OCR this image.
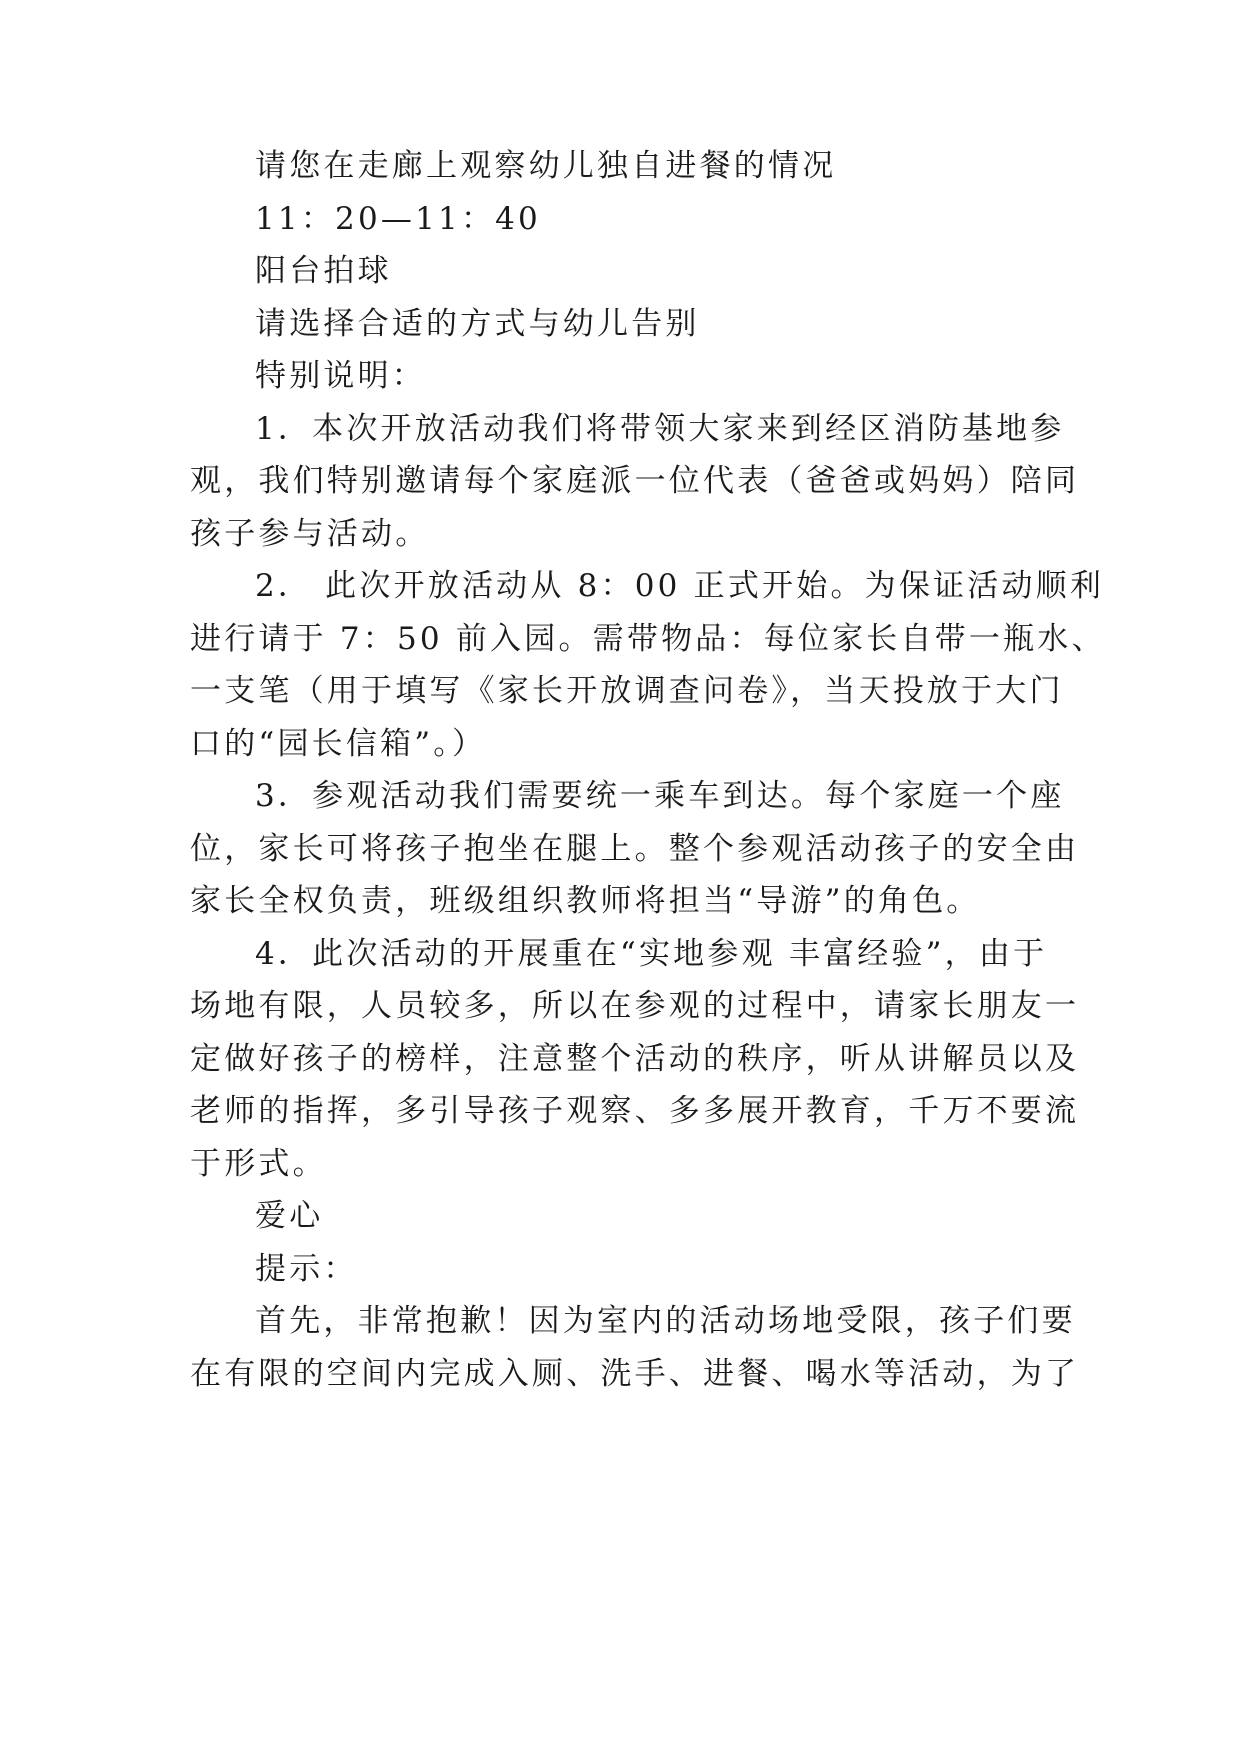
请您在走廊上观察幼儿独自进餐的情况
11：20—11：40
阳台拍球
请选择合适的方式与幼儿告别
特别说明：
1．本次开放活动我们将带领大家来到经区消防基地参
观，我们特别邀请每个家庭派一位代表（爸爸或妈妈）陪同
孩子参与活动。
2． 此次开放活动从 8：00 正式开始。为保证活动顺利
进行请于 7：50 前入园。需带物品：每位家长自带一瓶水、
一支笔（用于填写《家长开放调查问卷》，当天投放于大门
口的“园长信箱”。）
3．参观活动我们需要统一乘车到达。每个家庭一个座
位，家长可将孩子抱坐在腿上。整个参观活动孩子的安全由
家长全权负责，班级组织教师将担当“导游”的角色。
4．此次活动的开展重在“实地参观 丰富经验”，由于
场地有限，人员较多，所以在参观的过程中，请家长朋友一
定做好孩子的榜样，注意整个活动的秩序，听从讲解员以及
老师的指挥，多引导孩子观察、多多展开教育，千万不要流
于形式。
爱心
提示：
首先，非常抱歉！因为室内的活动场地受限，孩子们要
在有限的空间内完成入厕、洗手、进餐、喝水等活动，为了
